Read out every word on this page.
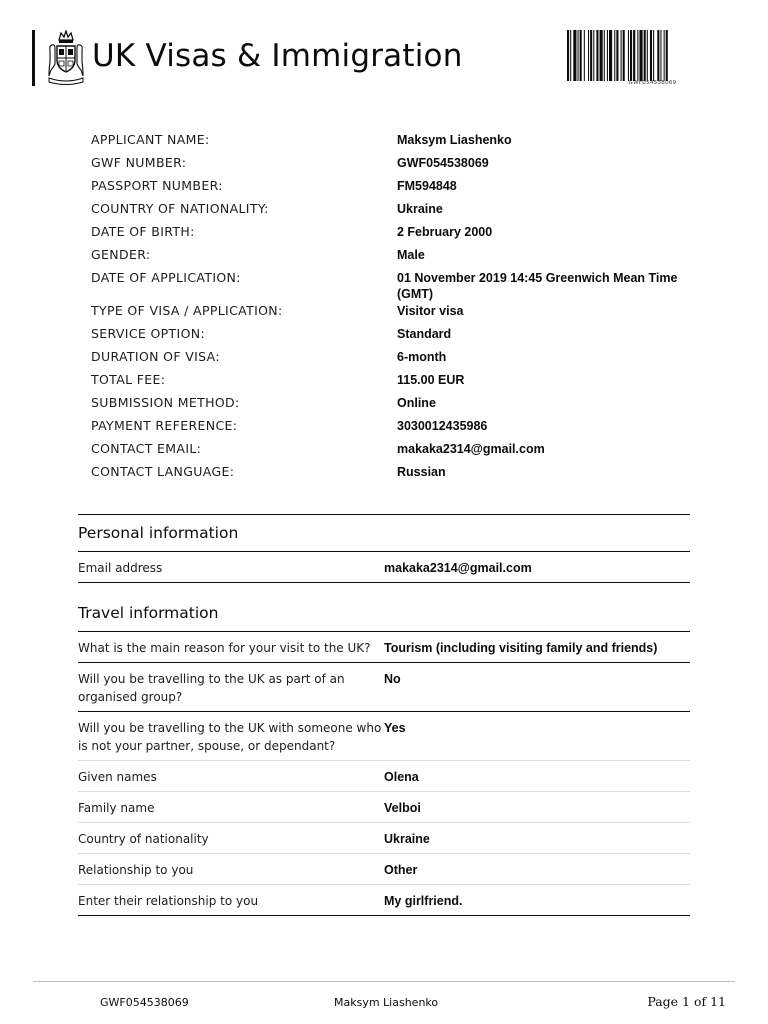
UK Visas & Immigration
GWF054538069
APPLICANT NAME:	Maksym Liashenko
GWF NUMBER:	GWF054538069
PASSPORT NUMBER:	FM594848
COUNTRY OF NATIONALITY:	Ukraine
DATE OF BIRTH:	2 February 2000
GENDER:	Male
DATE OF APPLICATION:	01 November 2019 14:45 Greenwich Mean Time (GMT)
TYPE OF VISA / APPLICATION:	Visitor visa
SERVICE OPTION:	Standard
DURATION OF VISA:	6-month
TOTAL FEE:	115.00 EUR
SUBMISSION METHOD:	Online
PAYMENT REFERENCE:	3030012435986
CONTACT EMAIL:	makaka2314@gmail.com
CONTACT LANGUAGE:	Russian
Personal information
Email address	makaka2314@gmail.com
Travel information
What is the main reason for your visit to the UK?	Tourism (including visiting family and friends)
Will you be travelling to the UK as part of an organised group?
No
Will you be travelling to the UK with someone who is not your partner, spouse, or dependant?
Yes
Given names	Olena
Family name	Velboi
Country of nationality	Ukraine
Relationship to you	Other
Enter their relationship to you	My girlfriend.
GWF054538069	Maksym Liashenko	Page 1 of 11
